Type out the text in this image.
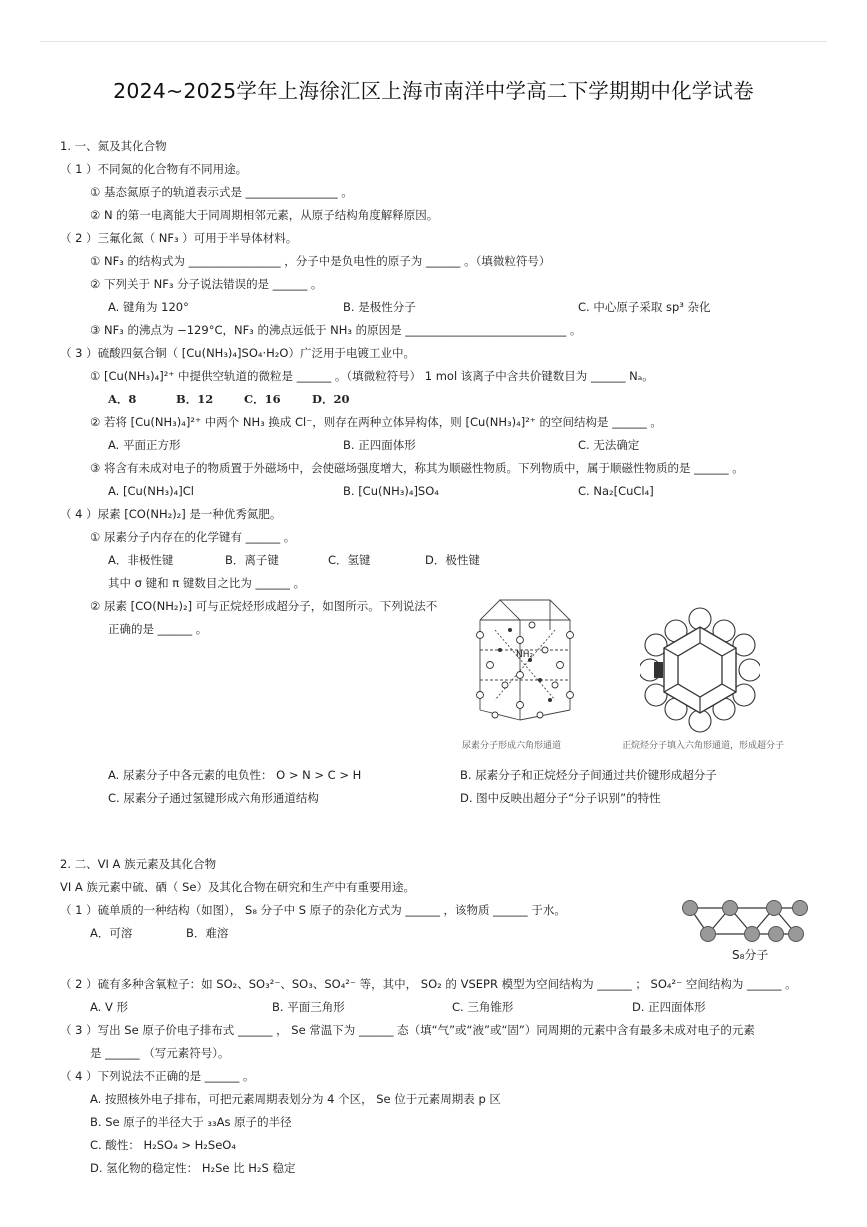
2024~2025学年上海徐汇区上海市南洋中学高二下学期期中化学试卷
1. 一、氮及其化合物
（ 1 ）不同氮的化合物有不同用途。
① 基态氮原子的轨道表示式是 ________________ 。
② N 的第一电离能大于同周期相邻元素，从原子结构角度解释原因。
（ 2 ）三氟化氮（ NF₃ ）可用于半导体材料。
① NF₃ 的结构式为 ________________ ，分子中是负电性的原子为 ______ 。（填微粒符号）
② 下列关于 NF₃ 分子说法错误的是 ______ 。
A. 键角为 120°	B. 是极性分子	C. 中心原子采取 sp³ 杂化
③ NF₃ 的沸点为 −129°C，NF₃ 的沸点远低于 NH₃ 的原因是 ____________________________ 。
（ 3 ）硫酸四氨合铜（ [Cu(NH₃)₄]SO₄·H₂O）广泛用于电镀工业中。
① [Cu(NH₃)₄]²⁺ 中提供空轨道的微粒是 ______ 。（填微粒符号） 1 mol 该离子中含共价键数目为 ______ Nₐ。
A．8	B．12	C．16	D．20
② 若将 [Cu(NH₃)₄]²⁺ 中两个 NH₃ 换成 Cl⁻，则存在两种立体异构体，则 [Cu(NH₃)₄]²⁺ 的空间结构是 ______ 。
A. 平面正方形	B. 正四面体形	C. 无法确定
③ 将含有未成对电子的物质置于外磁场中，会使磁场强度增大，称其为顺磁性物质。下列物质中，属于顺磁性物质的是 ______ 。
A. [Cu(NH₃)₄]Cl	B. [Cu(NH₃)₄]SO₄	C. Na₂[CuCl₄]
（ 4 ）尿素 [CO(NH₂)₂] 是一种优秀氮肥。
① 尿素分子内存在的化学键有 ______ 。
A．非极性键	B．离子键	C．氢键	D．极性键
其中 σ 键和 π 键数目之比为 ______ 。
② 尿素 [CO(NH₂)₂] 可与正烷烃形成超分子，如图所示。下列说法不
正确的是 ______ 。
NH₂
尿素分子形成六角形通道	正烷烃分子填入六角形通道，形成超分子
A. 尿素分子中各元素的电负性： O > N > C > H	B. 尿素分子和正烷烃分子间通过共价键形成超分子
C. 尿素分子通过氢键形成六角形通道结构	D. 图中反映出超分子“分子识别”的特性
2. 二、VI A 族元素及其化合物
VI A 族元素中硫、硒（ Se）及其化合物在研究和生产中有重要用途。
（ 1 ）硫单质的一种结构（如图）， S₈ 分子中 S 原子的杂化方式为 ______ ，该物质 ______ 于水。
A．可溶	B．难溶
S₈分子
（ 2 ）硫有多种含氧粒子：如 SO₂、SO₃²⁻、SO₃、SO₄²⁻ 等，其中， SO₂ 的 VSEPR 模型为空间结构为 ______ ； SO₄²⁻ 空间结构为 ______ 。
A. V 形	B. 平面三角形	C. 三角锥形	D. 正四面体形
（ 3 ）写出 Se 原子价电子排布式 ______ ， Se 常温下为 ______ 态（填“气”或“液”或“固”）同周期的元素中含有最多未成对电子的元素
是 ______ （写元素符号）。
（ 4 ）下列说法不正确的是 ______ 。
A. 按照核外电子排布，可把元素周期表划分为 4 个区， Se 位于元素周期表 p 区
B. Se 原子的半径大于 ₃₃As 原子的半径
C. 酸性： H₂SO₄ > H₂SeO₄
D. 氢化物的稳定性： H₂Se 比 H₂S 稳定
